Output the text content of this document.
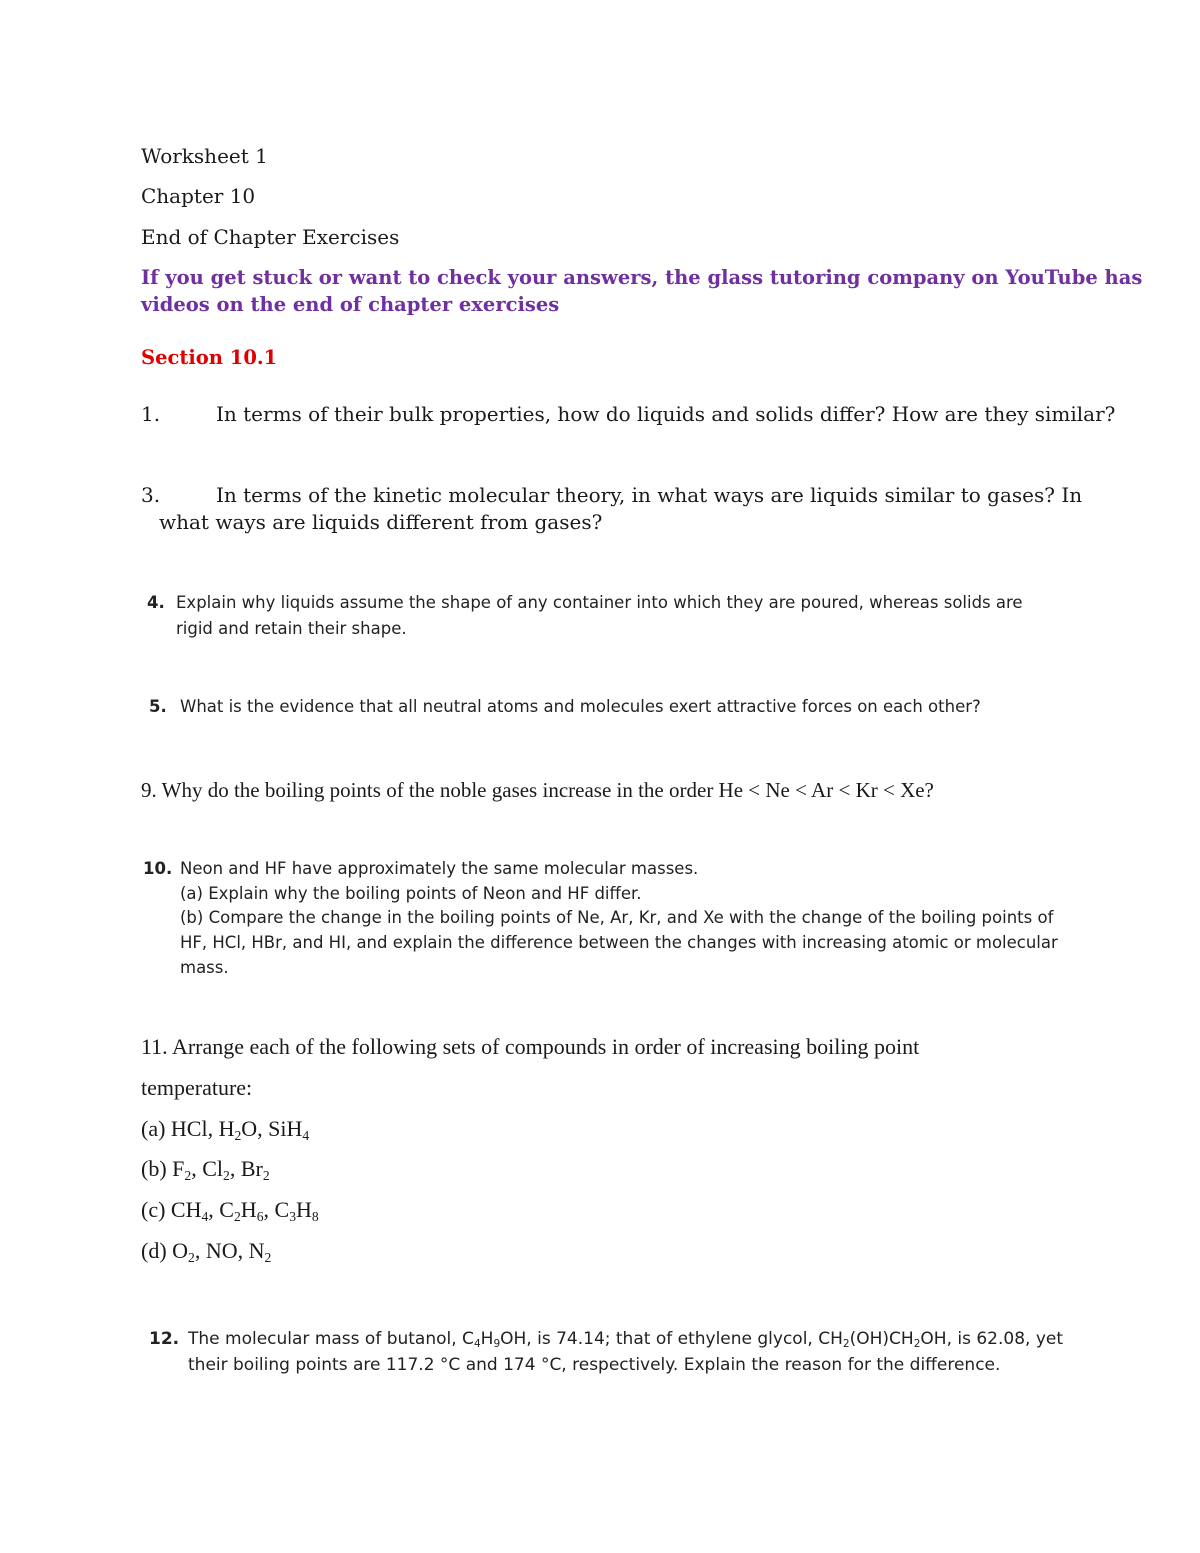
Worksheet 1
Chapter 10
End of Chapter Exercises
If you get stuck or want to check your answers, the glass tutoring company on YouTube has
videos on the end of chapter exercises
Section 10.1
1.	In terms of their bulk properties, how do liquids and solids differ? How are they similar?
3.	In terms of the kinetic molecular theory, in what ways are liquids similar to gases? In
what ways are liquids different from gases?
4. Explain why liquids assume the shape of any container into which they are poured, whereas solids are
rigid and retain their shape.
5. What is the evidence that all neutral atoms and molecules exert attractive forces on each other?
9. Why do the boiling points of the noble gases increase in the order He < Ne < Ar < Kr < Xe?
10. Neon and HF have approximately the same molecular masses.
(a) Explain why the boiling points of Neon and HF differ.
(b) Compare the change in the boiling points of Ne, Ar, Kr, and Xe with the change of the boiling points of
HF, HCl, HBr, and HI, and explain the difference between the changes with increasing atomic or molecular
mass.
11. Arrange each of the following sets of compounds in order of increasing boiling point
temperature:
(a) HCl, $H_2O$, SiH$_4$
(b) $F_2$, $Cl_2$, $Br_2$
(c) $CH_4$, $C_2H_6$, $C_3H_8$
(d) $O_2$, NO, $N_2$
12. The molecular mass of butanol, $C_4H_9OH$, is 74.14; that of ethylene glycol, $CH_2(OH)CH_2OH$, is 62.08, yet
their boiling points are 117.2 °C and 174 °C, respectively. Explain the reason for the difference.
